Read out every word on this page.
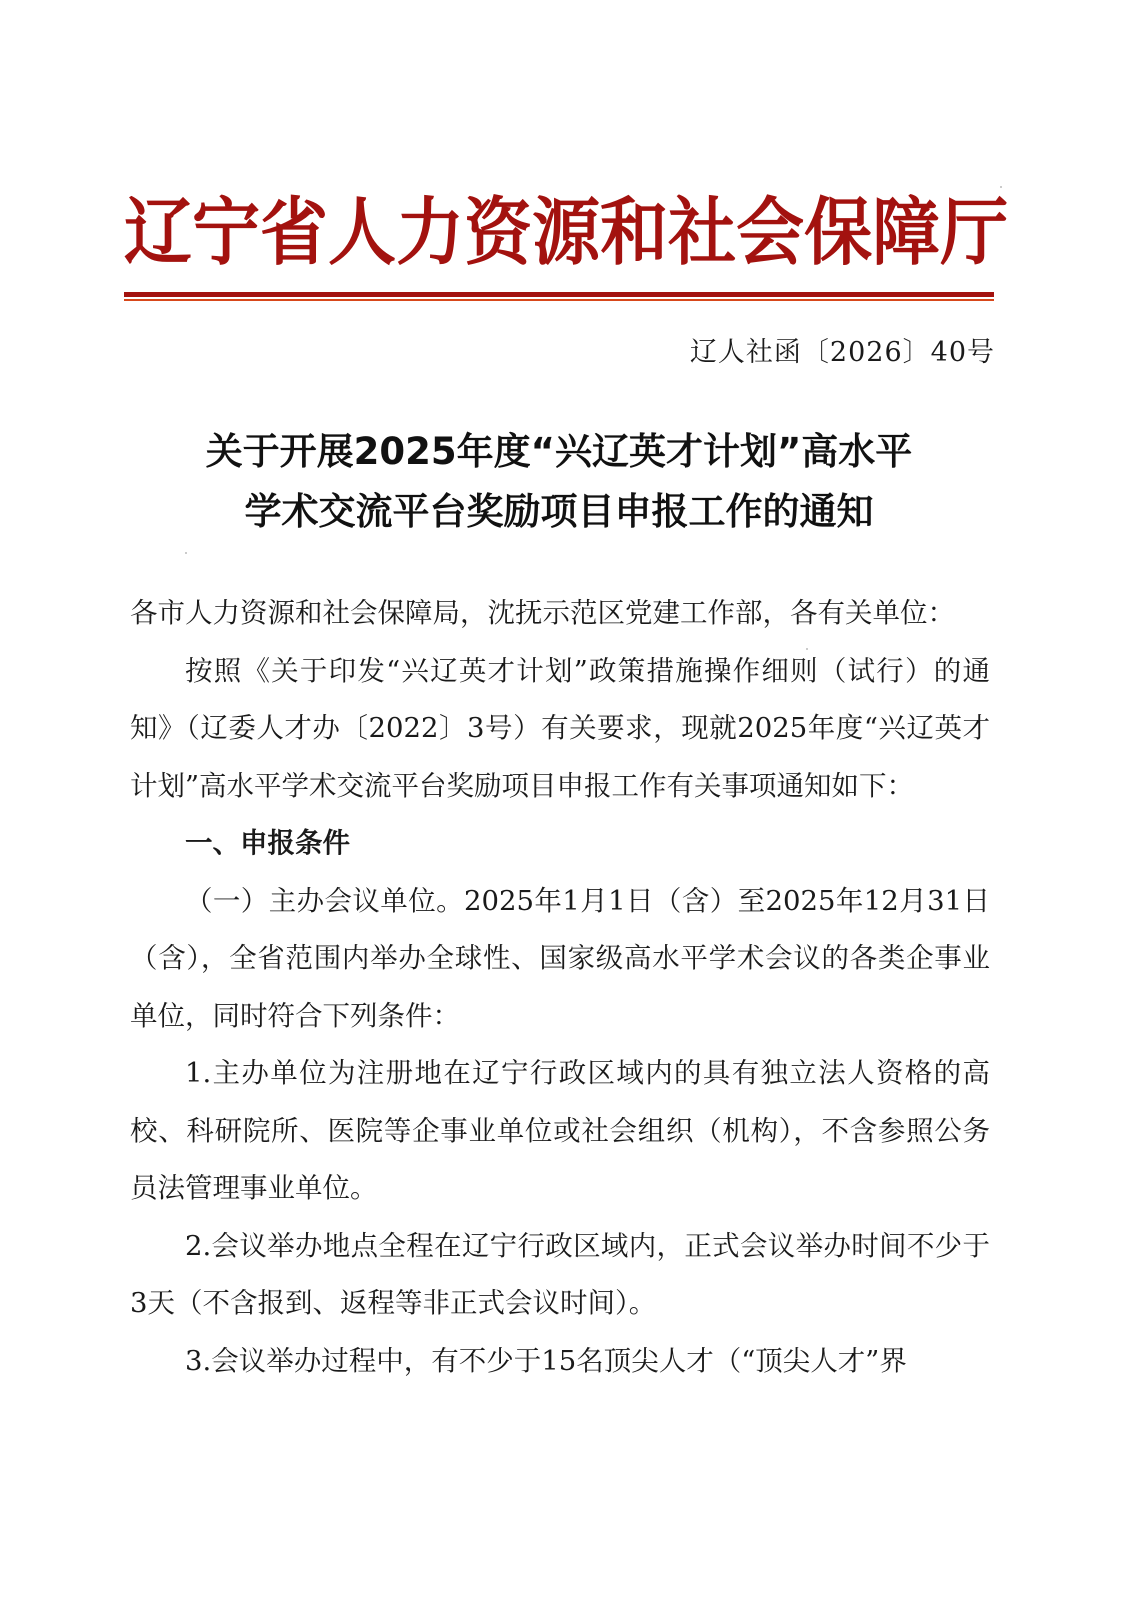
辽 宁 省 人 力 资 源 和 社 会 保 障 厅
辽人社函〔2026〕40号
关于开展2025年度“兴辽英才计划”高水平
学术交流平台奖励项目申报工作的通知

各市人力资源和社会保障局，沈抚示范区党建工作部，各有关单位：

按照《关于印发“兴辽英才计划”政策措施操作细则（试行）的通知》（辽委人才办〔2022〕3号）有关要求，现就2025年度“兴辽英才计划”高水平学术交流平台奖励项目申报工作有关事项通知如下：

一、申报条件

（一）主办会议单位。2025年1月1日（含）至2025年12月31日（含），全省范围内举办全球性、国家级高水平学术会议的各类企事业单位，同时符合下列条件：

1.主办单位为注册地在辽宁行政区域内的具有独立法人资格的高校、科研院所、医院等企事业单位或社会组织（机构），不含参照公务员法管理事业单位。

2.会议举办地点全程在辽宁行政区域内，正式会议举办时间不少于3天（不含报到、返程等非正式会议时间）。

3.会议举办过程中，有不少于15名顶尖人才（“顶尖人才”界
